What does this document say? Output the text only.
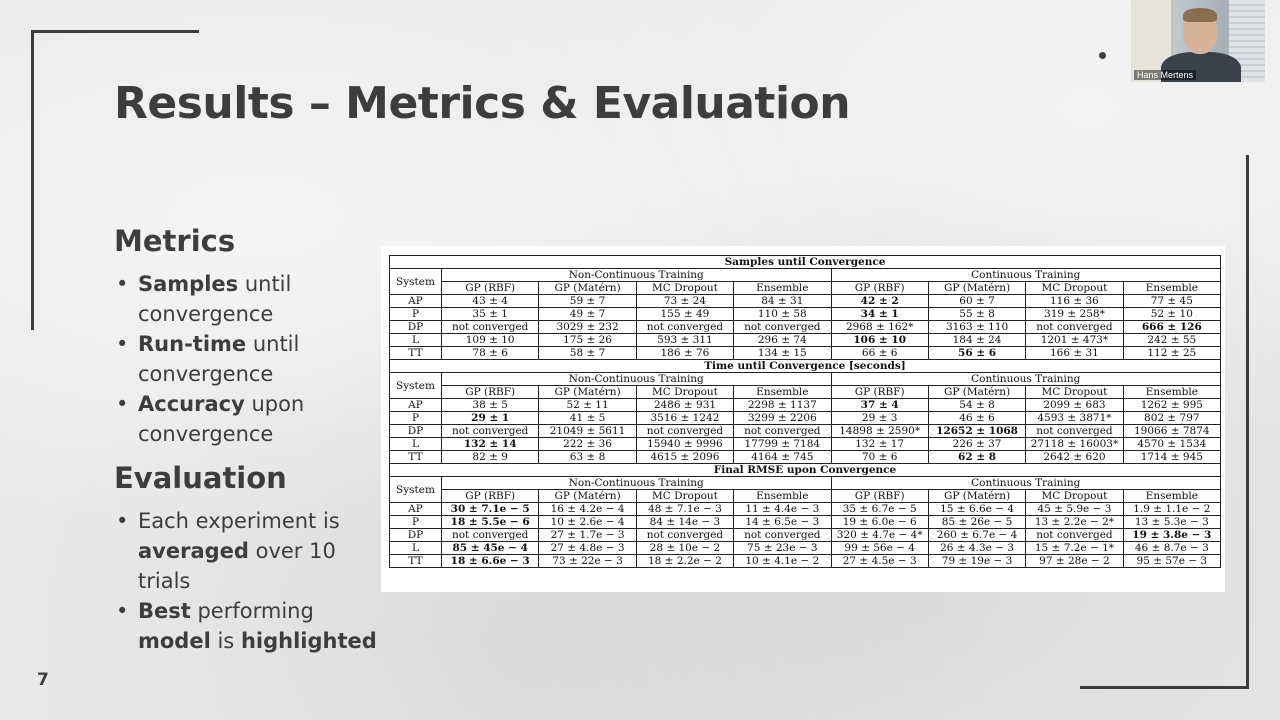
Results – Metrics & Evaluation
Metrics
• Samples until convergence
• Run-time until convergence
• Accuracy upon convergence
Evaluation
• Each experiment is averaged over 10 trials
• Best performing model is highlighted
7
Samples until Convergence								
System	Non-Continuous Training				Continuous Training			
	GP (RBF)	GP (Matérn)	MC Dropout	Ensemble	GP (RBF)	GP (Matérn)	MC Dropout	Ensemble
AP	43 ± 4	59 ± 7	73 ± 24	84 ± 31	42 ± 2	60 ± 7	116 ± 36	77 ± 45
P	35 ± 1	49 ± 7	155 ± 49	110 ± 58	34 ± 1	55 ± 8	319 ± 258*	52 ± 10
DP	not converged	3029 ± 232	not converged	not converged	2968 ± 162*	3163 ± 110	not converged	666 ± 126
L	109 ± 10	175 ± 26	593 ± 311	296 ± 74	106 ± 10	184 ± 24	1201 ± 473*	242 ± 55
TT	78 ± 6	58 ± 7	186 ± 76	134 ± 15	66 ± 6	56 ± 6	166 ± 31	112 ± 25
Time until Convergence [seconds]								
System	Non-Continuous Training				Continuous Training			
	GP (RBF)	GP (Matérn)	MC Dropout	Ensemble	GP (RBF)	GP (Matérn)	MC Dropout	Ensemble
AP	38 ± 5	52 ± 11	2486 ± 931	2298 ± 1137	37 ± 4	54 ± 8	2099 ± 683	1262 ± 995
P	29 ± 1	41 ± 5	3516 ± 1242	3299 ± 2206	29 ± 3	46 ± 6	4593 ± 3871*	802 ± 797
DP	not converged	21049 ± 5611	not converged	not converged	14898 ± 2590*	12652 ± 1068	not converged	19066 ± 7874
L	132 ± 14	222 ± 36	15940 ± 9996	17799 ± 7184	132 ± 17	226 ± 37	27118 ± 16003*	4570 ± 1534
TT	82 ± 9	63 ± 8	4615 ± 2096	4164 ± 745	70 ± 6	62 ± 8	2642 ± 620	1714 ± 945
Final RMSE upon Convergence								
System	Non-Continuous Training				Continuous Training			
	GP (RBF)	GP (Matérn)	MC Dropout	Ensemble	GP (RBF)	GP (Matérn)	MC Dropout	Ensemble
AP	30 ± 7.1e − 5	16 ± 4.2e − 4	48 ± 7.1e − 3	11 ± 4.4e − 3	35 ± 6.7e − 5	15 ± 6.6e − 4	45 ± 5.9e − 3	1.9 ± 1.1e − 2
P	18 ± 5.5e − 6	10 ± 2.6e − 4	84 ± 14e − 3	14 ± 6.5e − 3	19 ± 6.0e − 6	85 ± 26e − 5	13 ± 2.2e − 2*	13 ± 5.3e − 3
DP	not converged	27 ± 1.7e − 3	not converged	not converged	320 ± 4.7e − 4*	260 ± 6.7e − 4	not converged	19 ± 3.8e − 3
L	85 ± 45e − 4	27 ± 4.8e − 3	28 ± 10e − 2	75 ± 23e − 3	99 ± 56e − 4	26 ± 4.3e − 3	15 ± 7.2e − 1*	46 ± 8.7e − 3
TT	18 ± 6.6e − 3	73 ± 22e − 3	18 ± 2.2e − 2	10 ± 4.1e − 2	27 ± 4.5e − 3	79 ± 19e − 3	97 ± 28e − 2	95 ± 57e − 3
Hans Mertens
